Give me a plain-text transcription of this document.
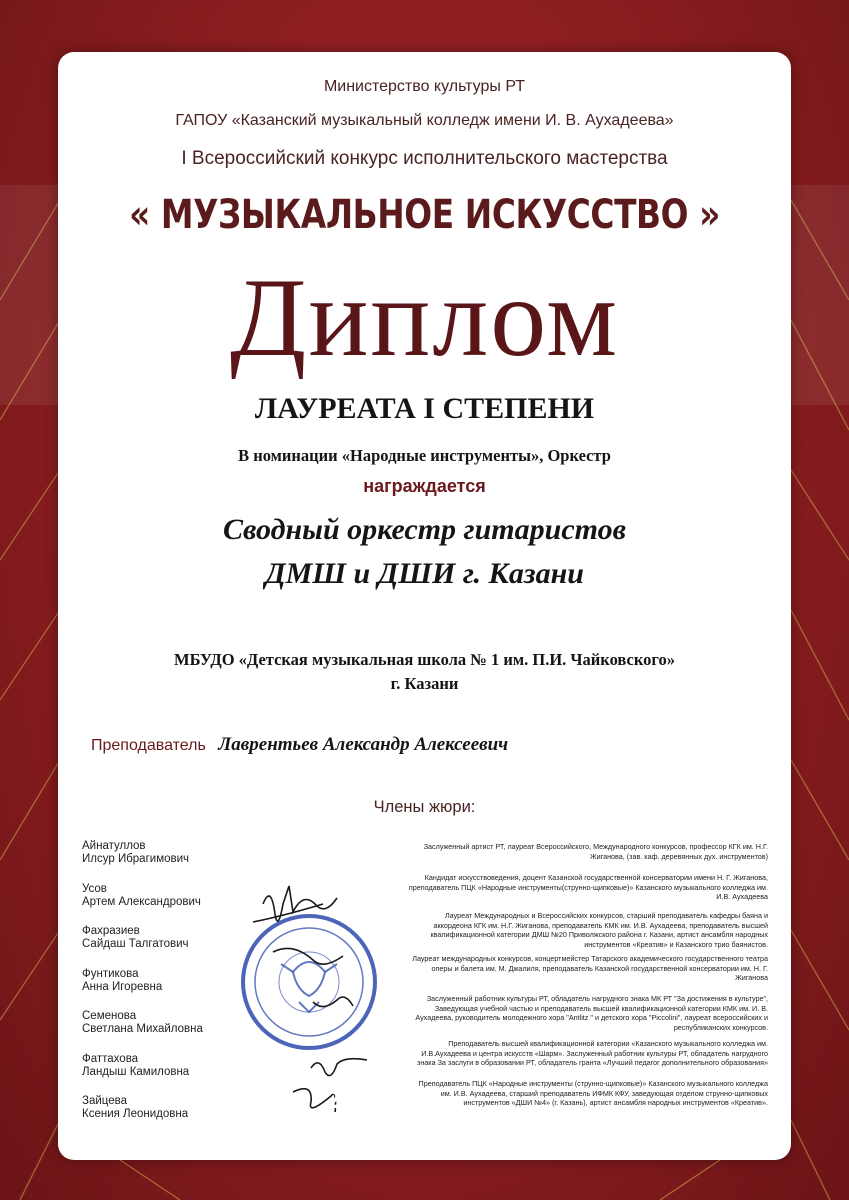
Министерство культуры РТ

ГАПОУ «Казанский музыкальный колледж имени И. В. Аухадеева»

I Всероссийский конкурс исполнительского мастерства

« МУЗЫКАЛЬНОЕ ИСКУССТВО »

Диплом

ЛАУРЕАТА I СТЕПЕНИ

В номинации «Народные инструменты», Оркестр

награждается

Сводный оркестр гитаристов
ДМШ и ДШИ г. Казани
МБУДО «Детская музыкальная школа № 1 им. П.И. Чайковского»
г. Казани
Преподаватель Лаврентьев Александр Алексеевич

Члены жюри:

Айнатуллов
Илсур Ибрагимович
Усов
Артем Александрович
Фахразиев
Сайдаш Талгатович
Фунтикова
Анна Игоревна
Семенова
Светлана Михайловна
Фаттахова
Ландыш Камиловна
Зайцева
Ксения Леонидовна
Заслуженный артист РТ, лауреат Всероссийского, Международного конкурсов, профессор КГК им. Н.Г. Жиганова, (зав. каф. деревянных дух. инструментов)
Кандидат искусствоведения, доцент Казанской государственной консерватории имени Н. Г. Жиганова, преподаватель ПЦК «Народные инструменты(струнно-щипковые)» Казанского музыкального колледжа им. И.В. Аухадеева
Лауреат Международных и Всероссийских конкурсов, старший преподаватель кафедры баяна и аккордеона КГК им. Н.Г. Жиганова, преподаватель КМК им. И.В. Аухадеева, преподаватель высшей квалификационной категории ДМШ №20 Приволжского района г. Казани, артист ансамбля народных инструментов «Креатив» и Казанского трио баянистов.
Лауреат международных конкурсов, концертмейстер Татарского академического государственного театра оперы и балета им. М. Джалиля, преподаватель Казанской государственной консерватории им. Н. Г. Жиганова
Заслуженный работник культуры РТ, обладатель нагрудного знака МК РТ "За достижения в культуре", Заведующая учебной частью и преподаватель высшей квалификационной категории КМК им. И. В. Аухадеева, руководитель молодежного хора "Antlitz " и детского хора "Piccolini", лауреат всероссийских и республиканских конкурсов.
Преподаватель высшей квалификационной категории «Казанского музыкального колледжа им. И.В.Аухадеева и центра искусств «Шарм». Заслуженный работник культуры РТ, обладатель нагрудного знака За заслуги в образовании РТ, обладатель гранта «Лучший педагог дополнительного образования»
Преподаватель ПЦК «Народные инструменты (струнно-щипковые)» Казанского музыкального колледжа им. И.В. Аухадеева, старший преподаватель ИФМК КФУ, заведующая отделом струнно-щипковых инструментов «ДШИ №4» (г. Казань), артист ансамбля народных инструментов «Креатив».

2024 г.
